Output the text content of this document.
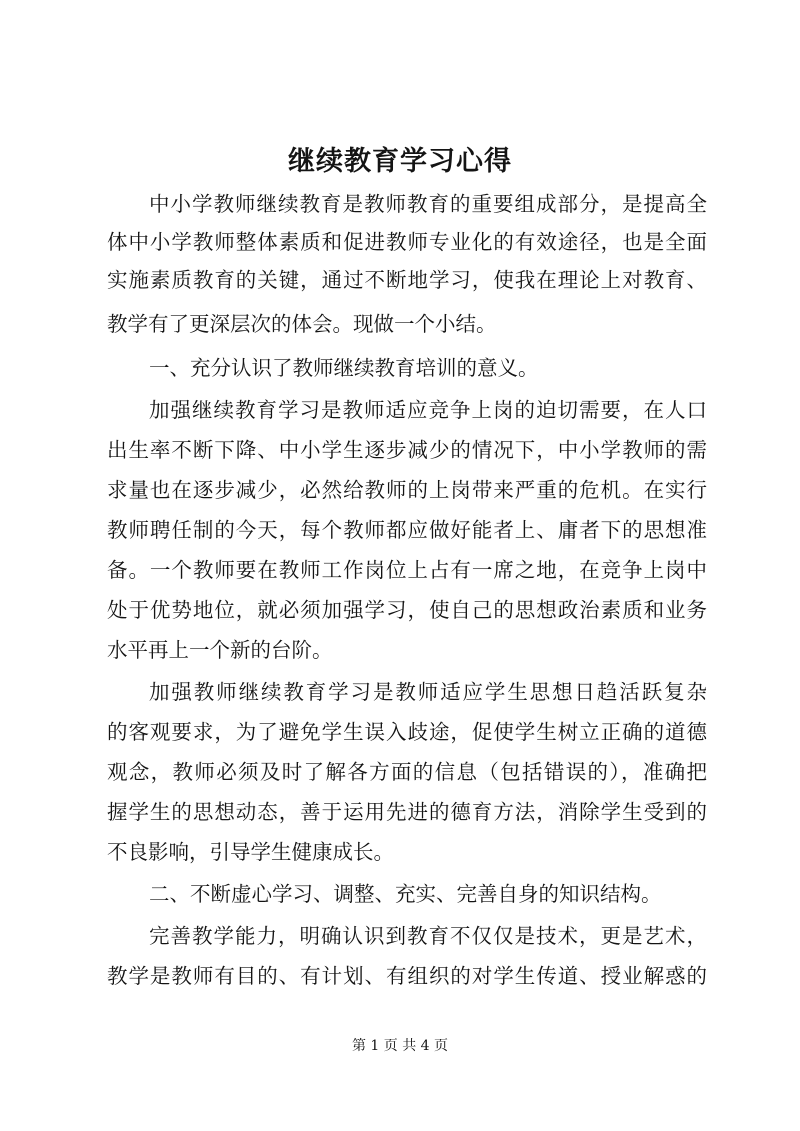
继续教育学习心得
中小学教师继续教育是教师教育的重要组成部分，是提高全
体中小学教师整体素质和促进教师专业化的有效途径，也是全面
实施素质教育的关键，通过不断地学习，使我在理论上对教育、
教学有了更深层次的体会。现做一个小结。
一、充分认识了教师继续教育培训的意义。
加强继续教育学习是教师适应竞争上岗的迫切需要，在人口
出生率不断下降、中小学生逐步减少的情况下，中小学教师的需
求量也在逐步减少，必然给教师的上岗带来严重的危机。在实行
教师聘任制的今天，每个教师都应做好能者上、庸者下的思想准
备。一个教师要在教师工作岗位上占有一席之地，在竞争上岗中
处于优势地位，就必须加强学习，使自己的思想政治素质和业务
水平再上一个新的台阶。
加强教师继续教育学习是教师适应学生思想日趋活跃复杂
的客观要求，为了避免学生误入歧途，促使学生树立正确的道德
观念，教师必须及时了解各方面的信息（包括错误的），准确把
握学生的思想动态，善于运用先进的德育方法，消除学生受到的
不良影响，引导学生健康成长。
二、不断虚心学习、调整、充实、完善自身的知识结构。
完善教学能力，明确认识到教育不仅仅是技术，更是艺术，
教学是教师有目的、有计划、有组织的对学生传道、授业解惑的
第 1 页 共 4 页
